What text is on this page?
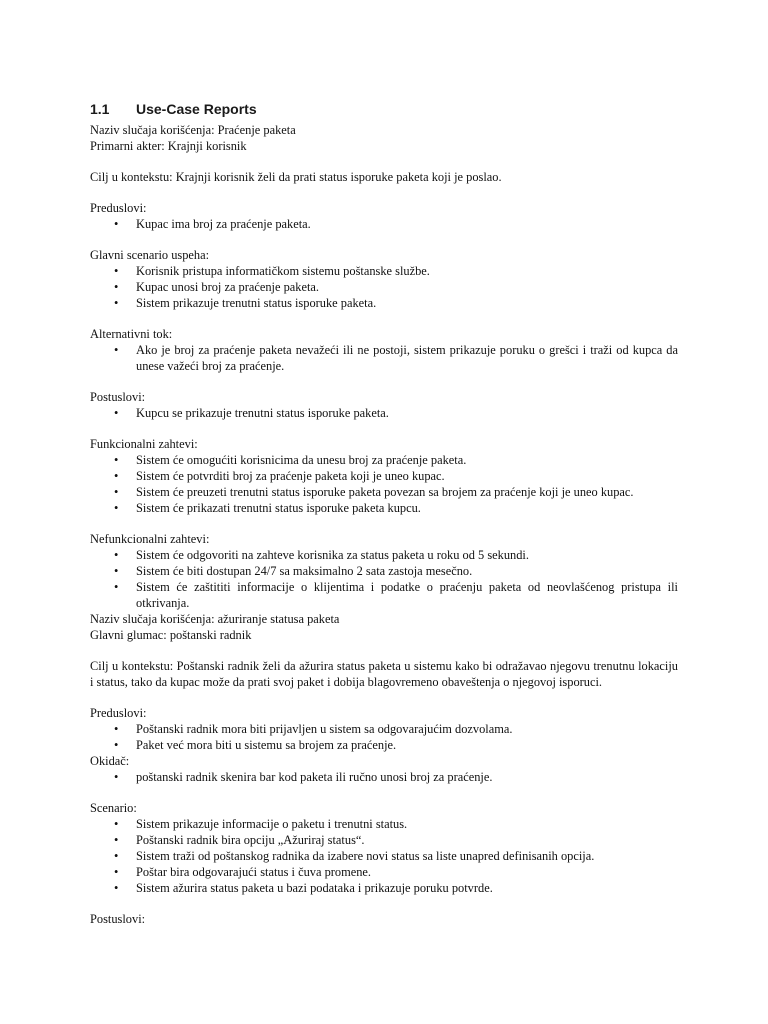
1.1	Use-Case Reports
Naziv slučaja korišćenja: Praćenje paketa
Primarni akter: Krajnji korisnik
Cilj u kontekstu: Krajnji korisnik želi da prati status isporuke paketa koji je poslao.
Preduslovi:
• Kupac ima broj za praćenje paketa.
Glavni scenario uspeha:
• Korisnik pristupa informatičkom sistemu poštanske službe.
• Kupac unosi broj za praćenje paketa.
• Sistem prikazuje trenutni status isporuke paketa.
Alternativni tok:
• Ako je broj za praćenje paketa nevažeći ili ne postoji, sistem prikazuje poruku o grešci i traži od kupca da unese važeći broj za praćenje.
Postuslovi:
• Kupcu se prikazuje trenutni status isporuke paketa.
Funkcionalni zahtevi:
• Sistem će omogućiti korisnicima da unesu broj za praćenje paketa.
• Sistem će potvrditi broj za praćenje paketa koji je uneo kupac.
• Sistem će preuzeti trenutni status isporuke paketa povezan sa brojem za praćenje koji je uneo kupac.
• Sistem će prikazati trenutni status isporuke paketa kupcu.
Nefunkcionalni zahtevi:
• Sistem će odgovoriti na zahteve korisnika za status paketa u roku od 5 sekundi.
• Sistem će biti dostupan 24/7 sa maksimalno 2 sata zastoja mesečno.
• Sistem će zaštititi informacije o klijentima i podatke o praćenju paketa od neovlašćenog pristupa ili otkrivanja.
Naziv slučaja korišćenja: ažuriranje statusa paketa
Glavni glumac: poštanski radnik
Cilj u kontekstu: Poštanski radnik želi da ažurira status paketa u sistemu kako bi odražavao njegovu trenutnu lokaciju i status, tako da kupac može da prati svoj paket i dobija blagovremeno obaveštenja o njegovoj isporuci.
Preduslovi:
• Poštanski radnik mora biti prijavljen u sistem sa odgovarajućim dozvolama.
• Paket već mora biti u sistemu sa brojem za praćenje.
Okidač:
• poštanski radnik skenira bar kod paketa ili ručno unosi broj za praćenje.
Scenario:
• Sistem prikazuje informacije o paketu i trenutni status.
• Poštanski radnik bira opciju „Ažuriraj status“.
• Sistem traži od poštanskog radnika da izabere novi status sa liste unapred definisanih opcija.
• Poštar bira odgovarajući status i čuva promene.
• Sistem ažurira status paketa u bazi podataka i prikazuje poruku potvrde.
Postuslovi:
